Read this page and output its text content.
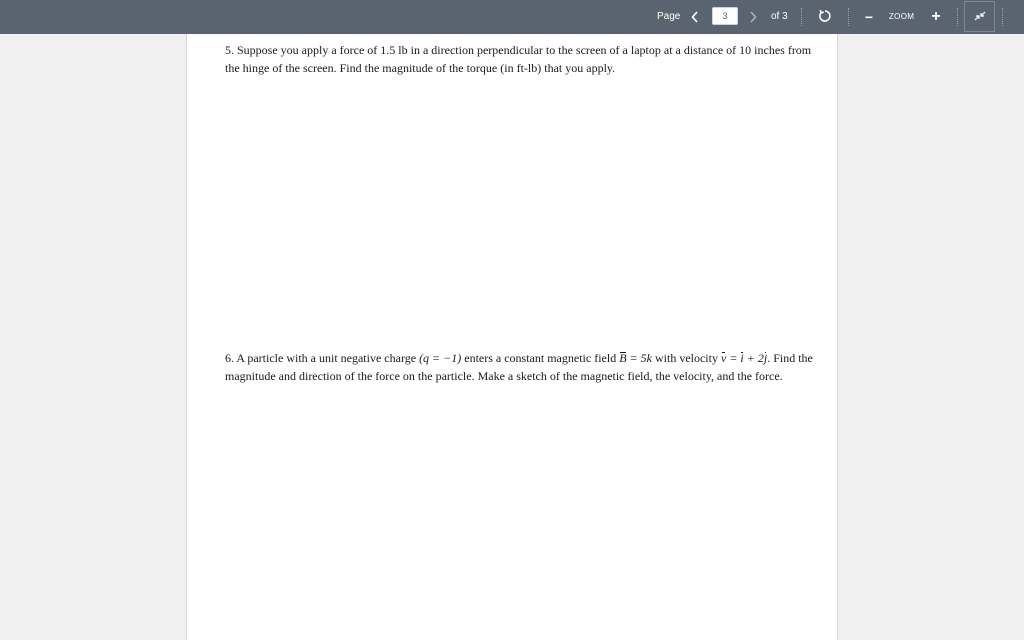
Page
3	of 3	−	ZOOM +
5. Suppose you apply a force of 1.5 lb in a direction perpendicular to the screen of a laptop at a distance of 10 inches from the hinge of the screen. Find the magnitude of the torque (in ft-lb) that you apply.
6. A particle with a unit negative charge (q = −1) enters a constant magnetic field B = 5k with velocity v = i + 2j. Find the magnitude and direction of the force on the particle. Make a sketch of the magnetic field, the velocity, and the force.
